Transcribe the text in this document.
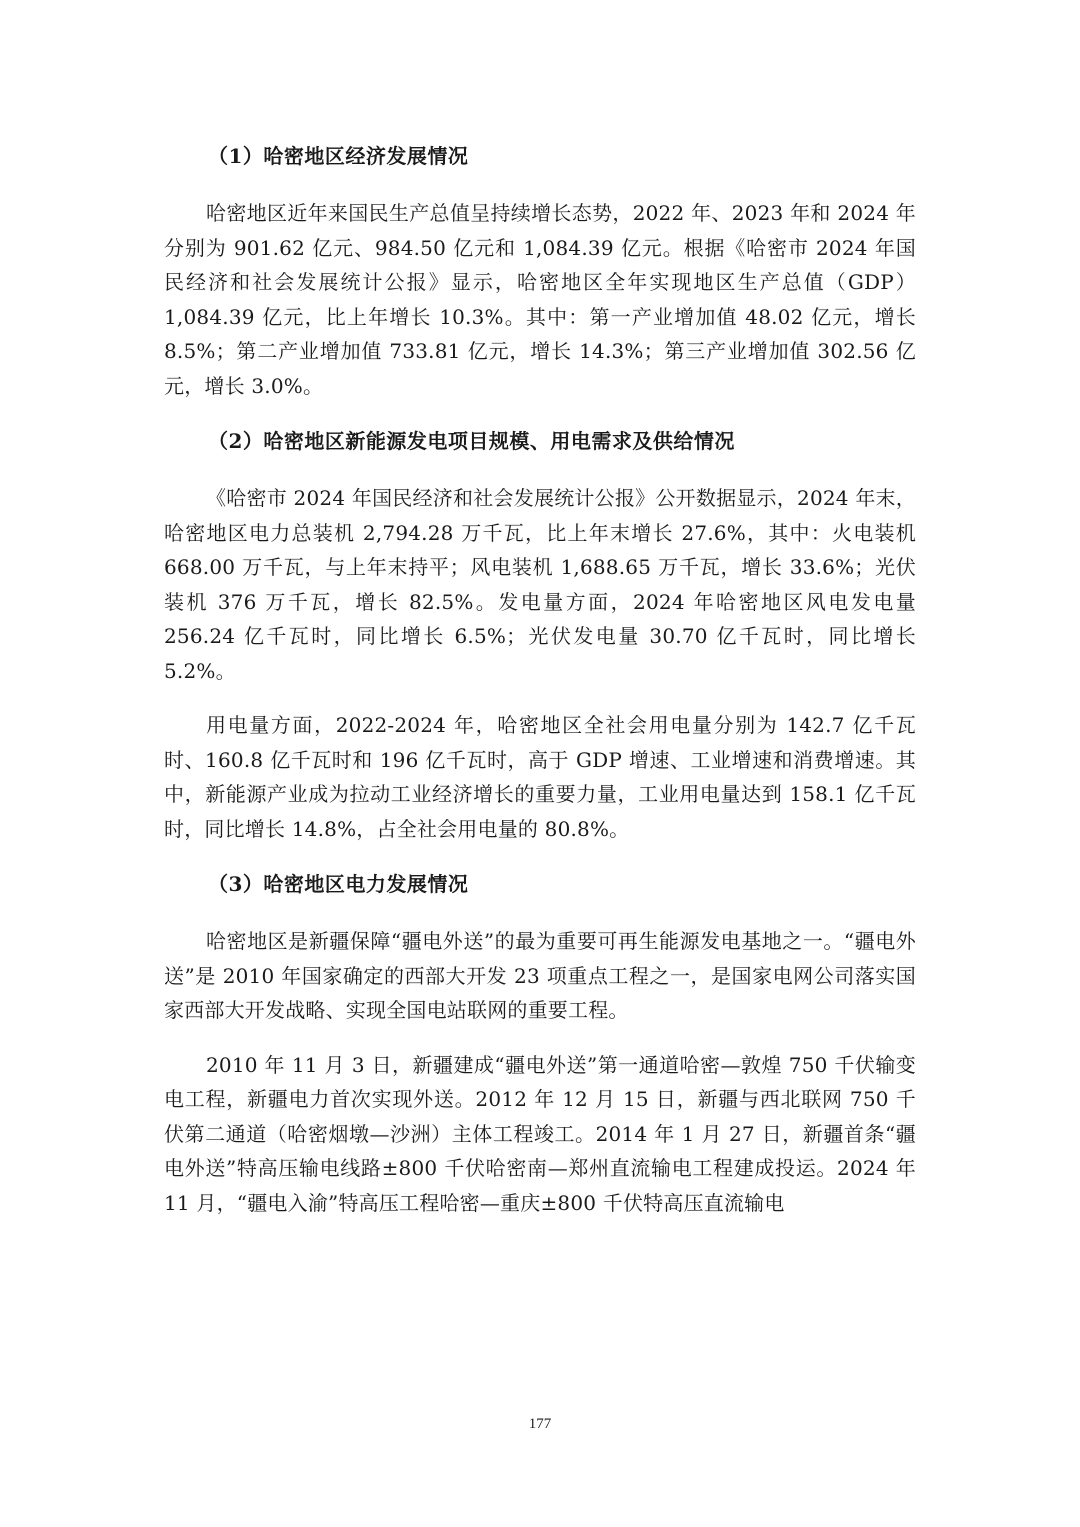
（1）哈密地区经济发展情况

哈密地区近年来国民生产总值呈持续增长态势，2022 年、2023 年和 2024 年分别为 901.62 亿元、984.50 亿元和 1,084.39 亿元。根据《哈密市 2024 年国民经济和社会发展统计公报》显示，哈密地区全年实现地区生产总值（GDP）1,084.39 亿元，比上年增长 10.3%。其中：第一产业增加值 48.02 亿元，增长 8.5%；第二产业增加值 733.81 亿元，增长 14.3%；第三产业增加值 302.56 亿元，增长 3.0%。

（2）哈密地区新能源发电项目规模、用电需求及供给情况

《哈密市 2024 年国民经济和社会发展统计公报》公开数据显示，2024 年末，哈密地区电力总装机 2,794.28 万千瓦，比上年末增长 27.6%，其中：火电装机 668.00 万千瓦，与上年末持平；风电装机 1,688.65 万千瓦，增长 33.6%；光伏装机 376 万千瓦，增长 82.5%。发电量方面，2024 年哈密地区风电发电量 256.24 亿千瓦时，同比增长 6.5%；光伏发电量 30.70 亿千瓦时，同比增长 5.2%。

用电量方面，2022-2024 年，哈密地区全社会用电量分别为 142.7 亿千瓦时、160.8 亿千瓦时和 196 亿千瓦时，高于 GDP 增速、工业增速和消费增速。其中，新能源产业成为拉动工业经济增长的重要力量，工业用电量达到 158.1 亿千瓦时，同比增长 14.8%，占全社会用电量的 80.8%。

（3）哈密地区电力发展情况

哈密地区是新疆保障“疆电外送”的最为重要可再生能源发电基地之一。“疆电外送”是 2010 年国家确定的西部大开发 23 项重点工程之一，是国家电网公司落实国家西部大开发战略、实现全国电站联网的重要工程。

2010 年 11 月 3 日，新疆建成“疆电外送”第一通道哈密—敦煌 750 千伏输变电工程，新疆电力首次实现外送。2012 年 12 月 15 日，新疆与西北联网 750 千伏第二通道（哈密烟墩—沙洲）主体工程竣工。2014 年 1 月 27 日，新疆首条“疆电外送”特高压输电线路±800 千伏哈密南—郑州直流输电工程建成投运。2024 年 11 月，“疆电入渝”特高压工程哈密—重庆±800 千伏特高压直流输电

177
